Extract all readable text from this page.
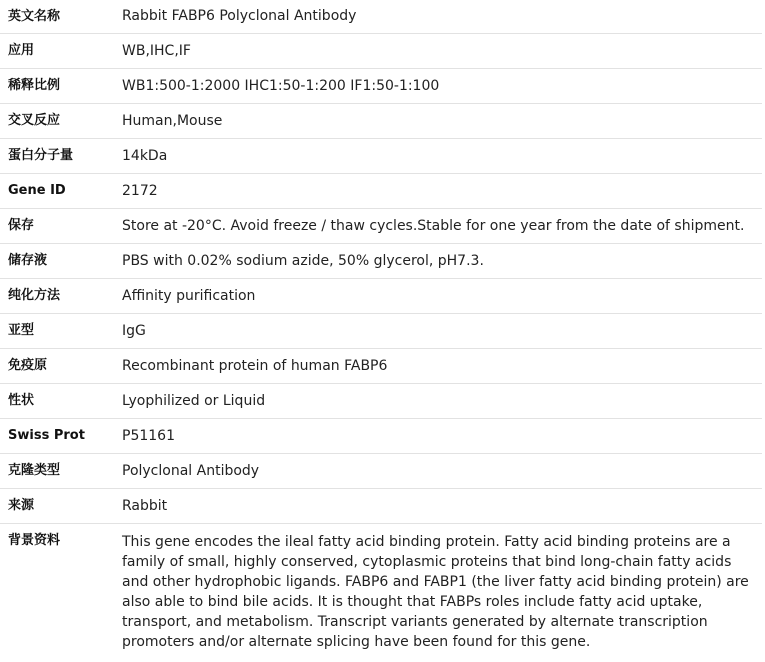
英文名称	Rabbit FABP6 Polyclonal Antibody

应用	WB,IHC,IF

稀释比例	WB1:500-1:2000 IHC1:50-1:200 IF1:50-1:100

交叉反应	Human,Mouse

蛋白分子量	14kDa

Gene ID	2172

保存	Store at -20°C. Avoid freeze / thaw cycles.Stable for one year from the date of shipment.

储存液	PBS with 0.02% sodium azide, 50% glycerol, pH7.3.

纯化方法	Affinity purification

亚型	IgG

免疫原	Recombinant protein of human FABP6

性状	Lyophilized or Liquid

Swiss Prot	P51161

克隆类型	Polyclonal Antibody

来源	Rabbit

背景资料	This gene encodes the ileal fatty acid binding protein. Fatty acid binding proteins are a family of small, highly conserved, cytoplasmic proteins that bind long-chain fatty acids and other hydrophobic ligands. FABP6 and FABP1 (the liver fatty acid binding protein) are also able to bind bile acids. It is thought that FABPs roles include fatty acid uptake, transport, and metabolism. Transcript variants generated by alternate transcription promoters and/or alternate splicing have been found for this gene.
